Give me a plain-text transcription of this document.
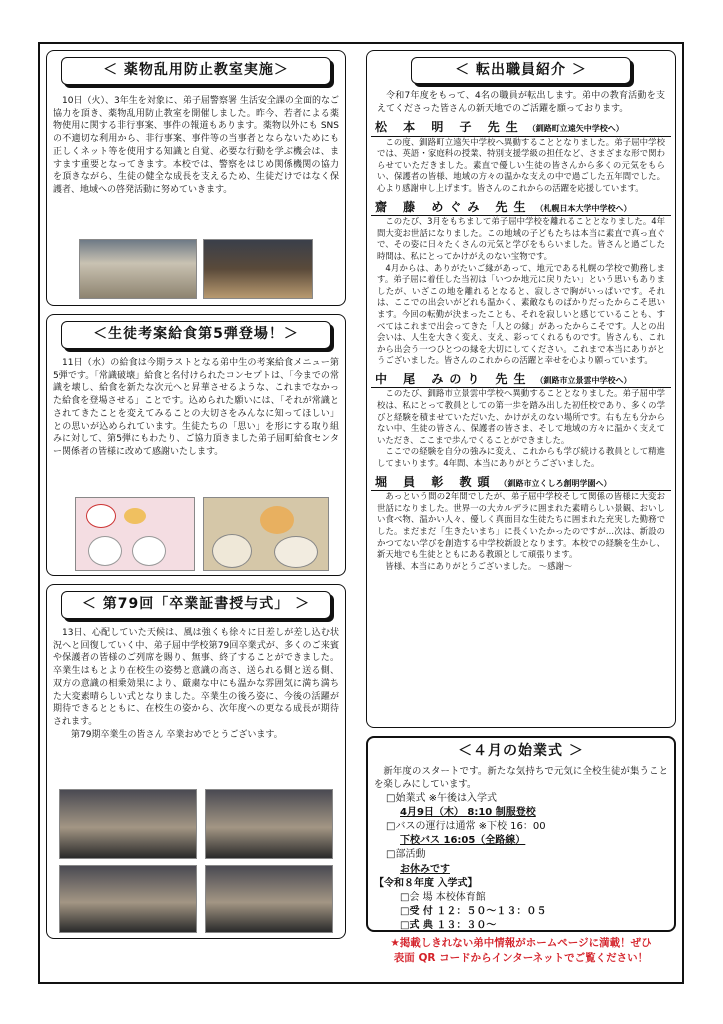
＜ 薬物乱用防止教室実施＞

10日（火）、3年生を対象に、弟子屈警察署 生活安全課の全面的なご協力を頂き、薬物乱用防止教室を開催しました。昨今、若者による薬物使用に関する非行事案、事件の報道もあります。薬物以外にも SNS の不適切な利用から、非行事案、事件等の当事者とならないためにも正しくネット等を使用する知識と自覚、必要な行動を学ぶ機会は、ますます重要となってきます。本校では、警察をはじめ関係機関の協力を頂きながら、生徒の健全な成長を支えるため、生徒だけではなく保護者、地域への啓発活動に努めていきます。

＜生徒考案給食第5弾登場！＞

11日（水）の給食は今期ラストとなる弟中生の考案給食メニュー第5弾です。「常識破壊」給食と名付けられたコンセプトは、「今までの常識を壊し、給食を新たな次元へと昇華させるような、これまでなかった給食を登場させる」ことです。込められた願いには、「それが常識とされてきたことを変えてみることの大切さをみんなに知ってほしい」との思いが込められています。生徒たちの「思い」を形にする取り組みに対して、第5弾にもわたり、ご協力頂きました弟子屈町給食センター関係者の皆様に改めて感謝いたします。

＜ 第79回「卒業証書授与式」 ＞

13日、心配していた天候は、風は強くも徐々に日差しが差し込む状況へと回復していく中、弟子屈中学校第79回卒業式が、多くのご来賓や保護者の皆様のご列席を賜り、無事、終了することができました。卒業生はもとより在校生の姿勢と意識の高さ、送られる側と送る側、双方の意識の相乗効果により、厳粛な中にも温かな雰囲気に満ち満ちた大変素晴らしい式となりました。卒業生の後ろ姿に、今後の活躍が期待できるとともに、在校生の姿から、次年度への更なる成長が期待されます。

第79期卒業生の皆さん 卒業おめでとうございます。

＜ 転出職員紹介 ＞

令和7年度をもって、4名の職員が転出します。弟中の教育活動を支えてくださった皆さんの新天地でのご活躍を願っております。

松 本 明 子 先生 （釧路町立遠矢中学校へ）

この度、釧路町立遠矢中学校へ異動することとなりました。弟子屈中学校では、英語・家庭科の授業、特別支援学級の担任など、さまざまな形で関わらせていただきました。素直で優しい生徒の皆さんから多くの元気をもらい、保護者の皆様、地域の方々の温かな支えの中で過ごした五年間でした。心より感謝申し上げます。皆さんのこれからの活躍を応援しています。

齋 藤 めぐみ 先生 （札幌日本大学中学校へ）

このたび、3月をもちまして弟子屈中学校を離れることとなりました。4年間大変お世話になりました。この地域の子どもたちは本当に素直で真っ直ぐで、その姿に日々たくさんの元気と学びをもらいました。皆さんと過ごした時間は、私にとってかけがえのない宝物です。

4月からは、ありがたいご縁があって、地元である札幌の学校で勤務します。弟子屈に着任した当初は「いつか地元に戻りたい」という思いもありましたが、いざこの地を離れるとなると、寂しさで胸がいっぱいです。それは、ここでの出会いがどれも温かく、素敵なものばかりだったからこそ思います。今回の転勤が決まったことも、それを寂しいと感じていることも、すべてはこれまで出会ってきた「人との縁」があったからこそです。人との出会いは、人生を大きく変え、支え、彩ってくれるものです。皆さんも、これから出会う一つひとつの縁を大切にしてください。これまで本当にありがとうございました。皆さんのこれからの活躍と幸せを心より願っています。

中 尾 みのり 先生 （釧路市立景雲中学校へ）

このたび、釧路市立景雲中学校へ異動することとなりました。弟子屈中学校は、私にとって教員としての第一歩を踏み出した初任校であり、多くの学びと経験を積ませていただいた、かけがえのない場所です。右も左も分からない中、生徒の皆さん、保護者の皆さま、そして地域の方々に温かく支えていただき、ここまで歩んでくることができました。

ここでの経験を自分の強みに変え、これからも学び続ける教員として精進してまいります。4年間、本当にありがとうございました。

堀 員 彰 教頭 （釧路市立くしろ創明学園へ）

あっという間の2年間でしたが、弟子屈中学校そして関係の皆様に大変お世話になりました。世界一の大カルデラに囲まれた素晴らしい景観、おいしい食べ物、温かい人々、優しく真面目な生徒たちに囲まれた充実した勤務でした。まだまだ「生きたいまち」に長くいたかったのですが…次は、新設のかつてない学びを創造する中学校新設となります。本校での経験を生かし、新天地でも生徒とともにある教頭として頑張ります。

皆様、本当にありがとうございました。 ～感謝～

＜４月の始業式 ＞

新年度のスタートです。新たな気持ちで元気に全校生徒が集うことを楽しみにしています。

□始業式 ※午後は入学式
4月9日（木） 8:10 制服登校
□バスの運行は通常 ※下校 16：00
下校バス 16:05（全路線）
□部活動
お休みです
【令和８年度 入学式】
□会 場 本校体育館
□受 付 １２：５０～１３：０５
□式 典 １３：３０～
★掲載しきれない弟中情報がホームページに満載！ぜひ
表面 QR コードからインターネットでご覧ください！
